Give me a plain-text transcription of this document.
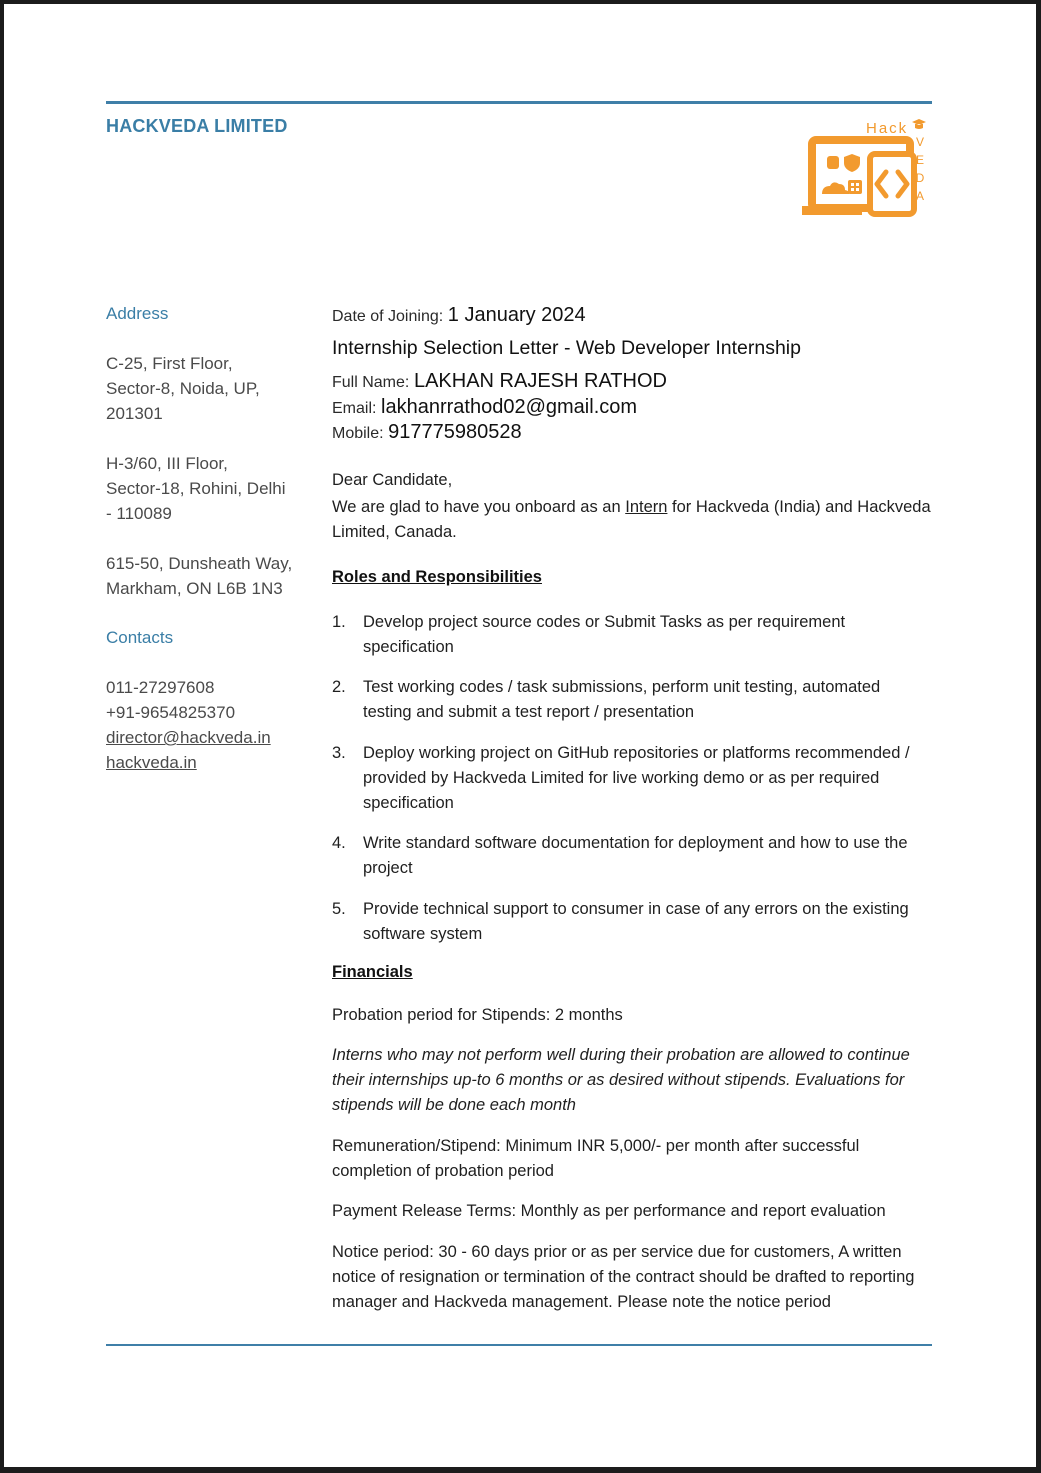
HACKVEDA LIMITED	Hack
V
E
D
A
Address
C-25, First Floor,
Sector-8, Noida, UP,
201301
H-3/60, III Floor,
Sector-18, Rohini, Delhi
- 110089
615-50, Dunsheath Way,
Markham, ON L6B 1N3
Contacts
011-27297608
+91-9654825370
director@hackveda.in
hackveda.in
Date of Joining: 1 January 2024
Internship Selection Letter - Web Developer Internship
Full Name: LAKHAN RAJESH RATHOD
Email: lakhanrrathod02@gmail.com
Mobile: 917775980528
Dear Candidate,
We are glad to have you onboard as an Intern for Hackveda (India) and Hackveda Limited, Canada.
Roles and Responsibilities
1. Develop project source codes or Submit Tasks as per requirement specification
2. Test working codes / task submissions, perform unit testing, automated testing and submit a test report / presentation
3. Deploy working project on GitHub repositories or platforms recommended / provided by Hackveda Limited for live working demo or as per required specification
4. Write standard software documentation for deployment and how to use the project
5. Provide technical support to consumer in case of any errors on the existing software system
Financials
Probation period for Stipends: 2 months
Interns who may not perform well during their probation are allowed to continue their internships up-to 6 months or as desired without stipends. Evaluations for stipends will be done each month
Remuneration/Stipend: Minimum INR 5,000/- per month after successful completion of probation period
Payment Release Terms: Monthly as per performance and report evaluation
Notice period: 30 - 60 days prior or as per service due for customers, A written notice of resignation or termination of the contract should be drafted to reporting manager and Hackveda management. Please note the notice period
